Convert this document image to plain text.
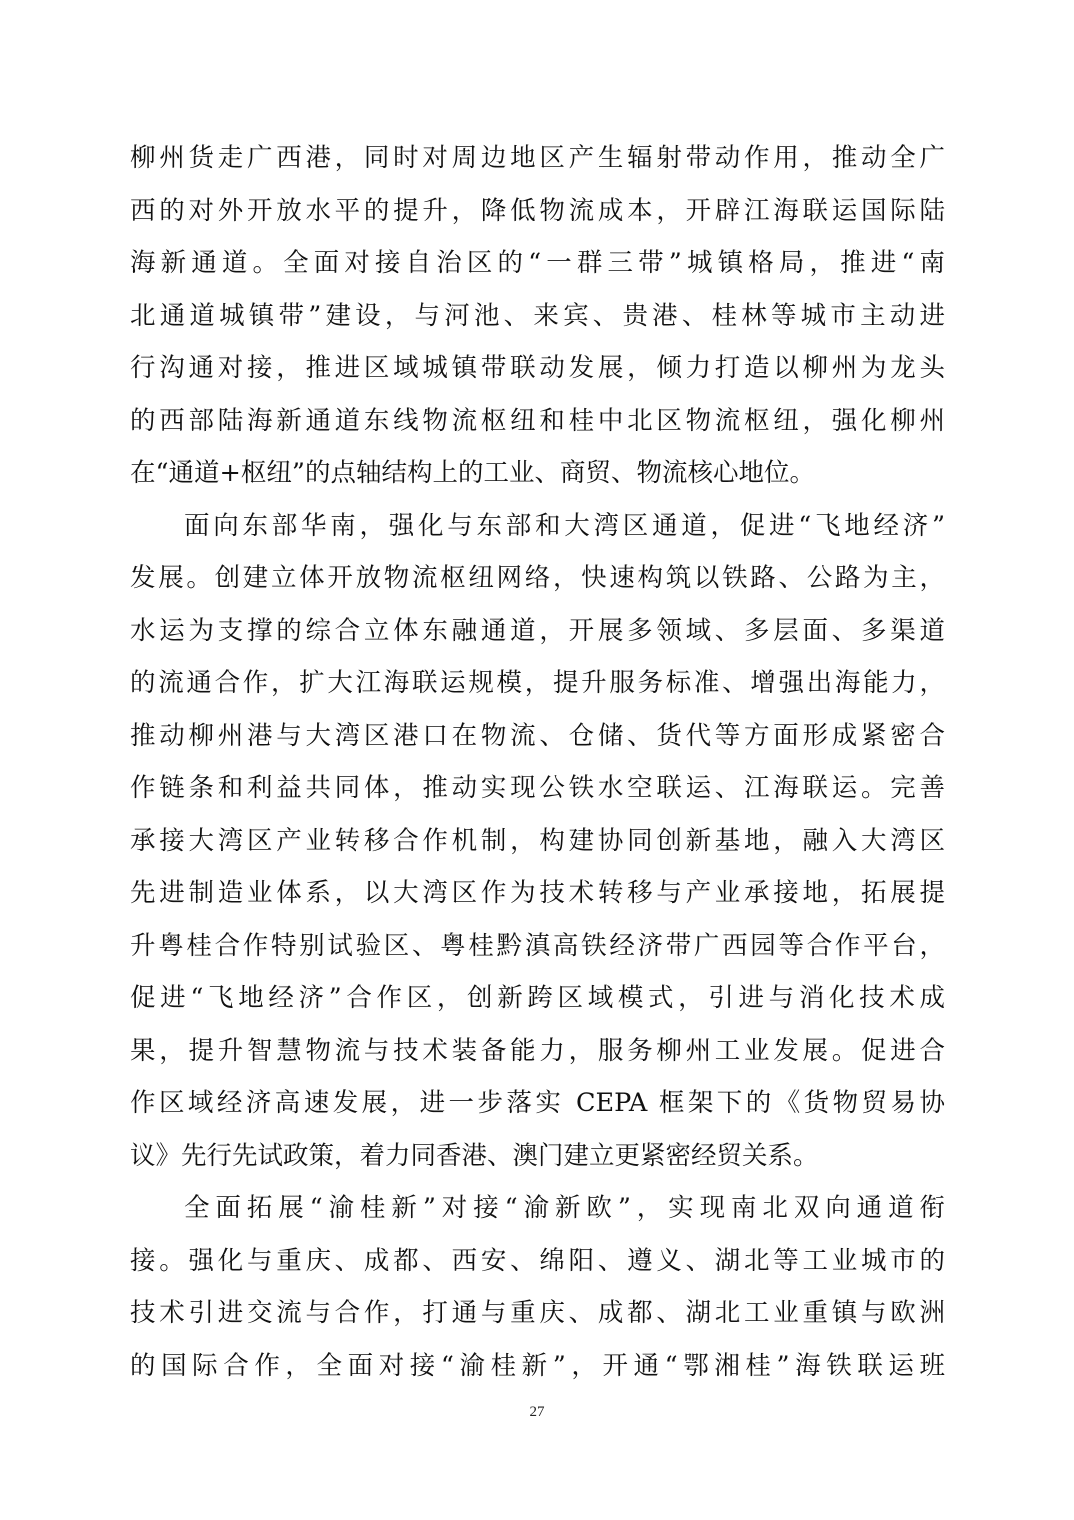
柳州货走广西港，同时对周边地区产生辐射带动作用，推动全广
西的对外开放水平的提升，降低物流成本，开辟江海联运国际陆
海新通道。全面对接自治区的“一群三带”城镇格局，推进“南
北通道城镇带”建设，与河池、来宾、贵港、桂林等城市主动进
行沟通对接，推进区域城镇带联动发展，倾力打造以柳州为龙头
的西部陆海新通道东线物流枢纽和桂中北区物流枢纽，强化柳州
在“通道+枢纽”的点轴结构上的工业、商贸、物流核心地位。
面向东部华南，强化与东部和大湾区通道，促进“飞地经济”
发展。创建立体开放物流枢纽网络，快速构筑以铁路、公路为主，
水运为支撑的综合立体东融通道，开展多领域、多层面、多渠道
的流通合作，扩大江海联运规模，提升服务标准、增强出海能力，
推动柳州港与大湾区港口在物流、仓储、货代等方面形成紧密合
作链条和利益共同体，推动实现公铁水空联运、江海联运。完善
承接大湾区产业转移合作机制，构建协同创新基地，融入大湾区
先进制造业体系，以大湾区作为技术转移与产业承接地，拓展提
升粤桂合作特别试验区、粤桂黔滇高铁经济带广西园等合作平台，
促进“飞地经济”合作区，创新跨区域模式，引进与消化技术成
果，提升智慧物流与技术装备能力，服务柳州工业发展。促进合
作区域经济高速发展，进一步落实 CEPA 框架下的《货物贸易协
议》先行先试政策，着力同香港、澳门建立更紧密经贸关系。
全面拓展“渝桂新”对接“渝新欧”，实现南北双向通道衔
接。强化与重庆、成都、西安、绵阳、遵义、湖北等工业城市的
技术引进交流与合作，打通与重庆、成都、湖北工业重镇与欧洲
的国际合作，全面对接“渝桂新”，开通“鄂湘桂”海铁联运班
27
